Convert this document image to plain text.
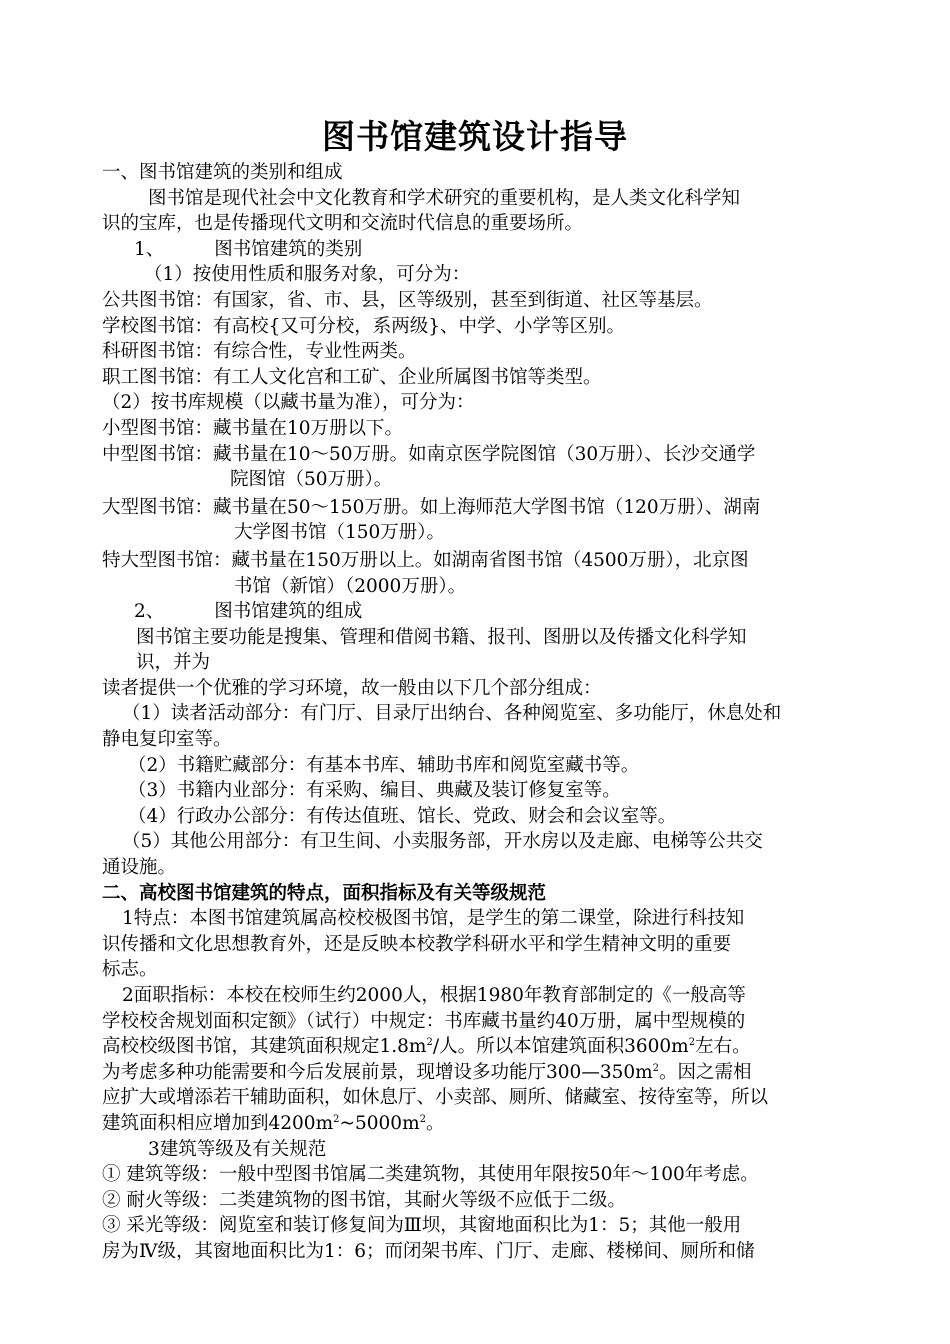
图书馆建筑设计指导
一、图书馆建筑的类别和组成
图书馆是现代社会中文化教育和学术研究的重要机构，是人类文化科学知
识的宝库，也是传播现代文明和交流时代信息的重要场所。
1、	图书馆建筑的类别
（1）按使用性质和服务对象，可分为：
公共图书馆：有国家，省、市、县，区等级别，甚至到街道、社区等基层。
学校图书馆：有高校{又可分校，系两级}、中学、小学等区别。
科研图书馆：有综合性，专业性两类。
职工图书馆：有工人文化宫和工矿、企业所属图书馆等类型。
（2）按书库规模（以藏书量为准），可分为：
小型图书馆：藏书量在10万册以下。
中型图书馆：藏书量在10～50万册。如南京医学院图馆（30万册）、长沙交通学
院图馆（50万册）。
大型图书馆：藏书量在50～150万册。如上海师范大学图书馆（120万册）、湖南
大学图书馆（150万册）。
特大型图书馆：藏书量在150万册以上。如湖南省图书馆（4500万册），北京图
书馆（新馆）（2000万册）。
2、	图书馆建筑的组成
图书馆主要功能是搜集、管理和借阅书籍、报刊、图册以及传播文化科学知
识，并为
读者提供一个优雅的学习环境，故一般由以下几个部分组成：
（1）读者活动部分：有门厅、目录厅出纳台、各种阅览室、多功能厅，休息处和
静电复印室等。
（2）书籍贮藏部分：有基本书库、辅助书库和阅览室藏书等。
（3）书籍内业部分：有采购、编目、典藏及装订修复室等。
（4）行政办公部分：有传达值班、馆长、党政、财会和会议室等。
（5）其他公用部分：有卫生间、小卖服务部，开水房以及走廊、电梯等公共交
通设施。
二、高校图书馆建筑的特点，面积指标及有关等级规范
1特点：本图书馆建筑属高校校极图书馆，是学生的第二课堂，除进行科技知
识传播和文化思想教育外，还是反映本校教学科研水平和学生精神文明的重要
标志。
2面职指标：本校在校师生约2000人，根据1980年教育部制定的《一般高等
学校校舍规划面积定额》（试行）中规定：书库藏书量约40万册，属中型规模的
高校校级图书馆，其建筑面积规定$1.8m^2/$人。所以本馆建筑面积$3600m^2$左右。
为考虑多种功能需要和今后发展前景，现增设多功能厅$300—350m^2$。因之需相
应扩大或增添若干辅助面积，如休息厅、小卖部、厕所、储藏室、按待室等，所以
建筑面积相应增加到$4200m^2\sim 5000m^2$。
3建筑等级及有关规范
① 建筑等级：一般中型图书馆属二类建筑物，其使用年限按50年～100年考虑。
② 耐火等级：二类建筑物的图书馆，其耐火等级不应低于二级。
③ 采光等级：阅览室和装订修复间为Ⅲ坝，其窗地面积比为1：5；其他一般用
房为Ⅳ级，其窗地面积比为1：6；而闭架书库、门厅、走廊、楼梯间、厕所和储
